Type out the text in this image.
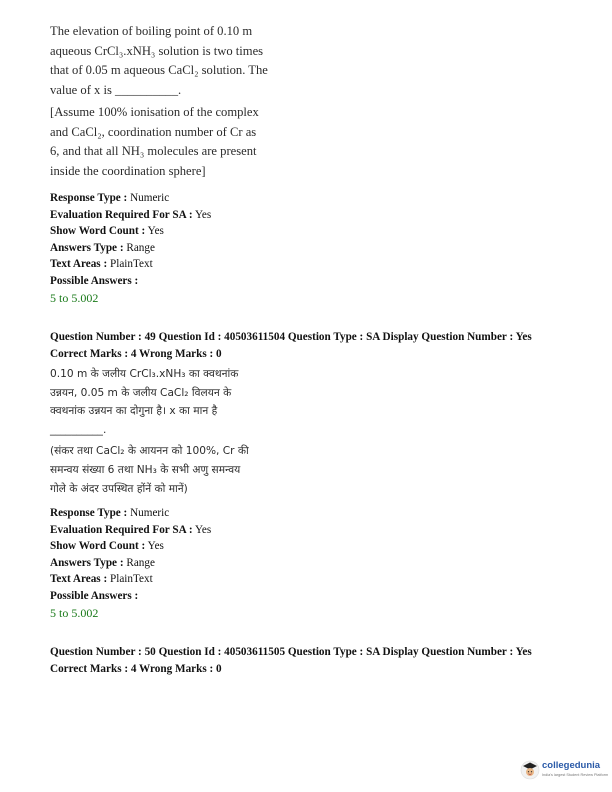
The elevation of boiling point of 0.10 m
aqueous CrCl₃.xNH₃ solution is two times
that of 0.05 m aqueous CaCl₂ solution. The
value of x is __________.
[Assume 100% ionisation of the complex
and CaCl₂, coordination number of Cr as
6, and that all NH₃ molecules are present
inside the coordination sphere]
Response Type : Numeric
Evaluation Required For SA : Yes
Show Word Count : Yes
Answers Type : Range
Text Areas : PlainText
Possible Answers :
5 to 5.002
Question Number : 49 Question Id : 40503611504 Question Type : SA Display Question Number : Yes
Correct Marks : 4 Wrong Marks : 0
0.10 m के जलीय CrCl₃.xNH₃ का क्वथनांक
उन्नयन, 0.05 m के जलीय CaCl₂ विलयन के
क्वथनांक उन्नयन का दोगुना है। x का मान है
__________.
(संकर तथा CaCl₂ के आयनन को 100%, Cr की
समन्वय संख्या 6 तथा NH₃ के सभी अणु समन्वय
गोले के अंदर उपस्थित होंनें को मानें)
Response Type : Numeric
Evaluation Required For SA : Yes
Show Word Count : Yes
Answers Type : Range
Text Areas : PlainText
Possible Answers :
5 to 5.002
Question Number : 50 Question Id : 40503611505 Question Type : SA Display Question Number : Yes
Correct Marks : 4 Wrong Marks : 0
collegedunia
India's largest Student Review Platform
